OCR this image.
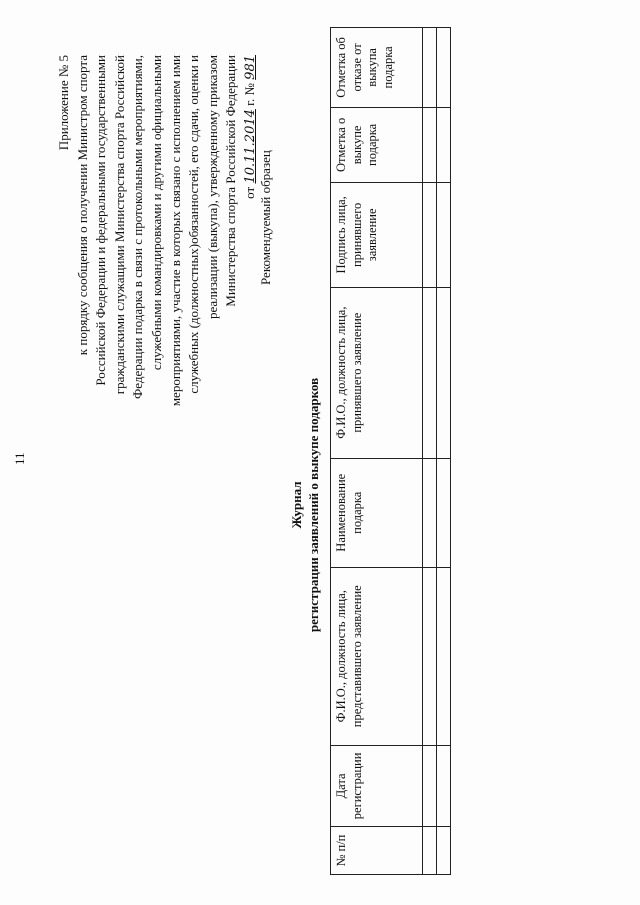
11
Приложение № 5 к порядку сообщения о получении Министром спорта Российской Федерации и федеральными государственными гражданскими служащими Министерства спорта Российской Федерации подарка в связи с протокольными мероприятиями, служебными командировками и другими официальными мероприятиями, участие в которых связано с исполнением ими служебных (должностных)обязанностей, его сдачи, оценки и реализации (выкупа), утвержденному приказом Министерства спорта Российской Федерации от 10.11.2014 г. № 981
Рекомендуемый образец
Журнал регистрации заявлений о выкупе подарков
№ п/п	Дата регистрации	Ф.И.О., должность лица, представившего заявление	Наименование подарка	Ф.И.О., должность лица, принявшего заявление	Подпись лица, принявшего заявление	Отметка о выкупе подарка	Отметка об отказе от выкупа подарка
